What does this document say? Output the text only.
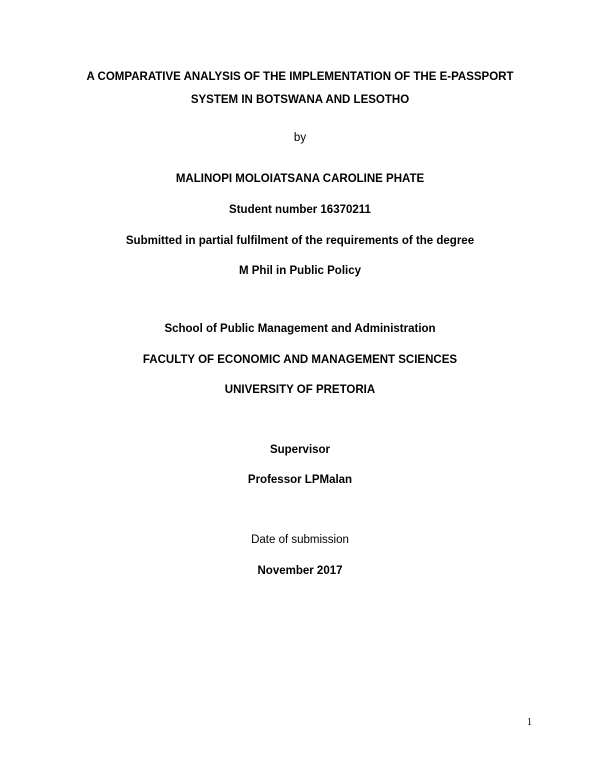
A COMPARATIVE ANALYSIS OF THE IMPLEMENTATION OF THE E-PASSPORT
SYSTEM IN BOTSWANA AND LESOTHO
by
MALINOPI MOLOIATSANA CAROLINE PHATE
Student number 16370211
Submitted in partial fulfilment of the requirements of the degree
M Phil in Public Policy
School of Public Management and Administration
FACULTY OF ECONOMIC AND MANAGEMENT SCIENCES
UNIVERSITY OF PRETORIA
Supervisor
Professor LPMalan
Date of submission
November 2017
1
